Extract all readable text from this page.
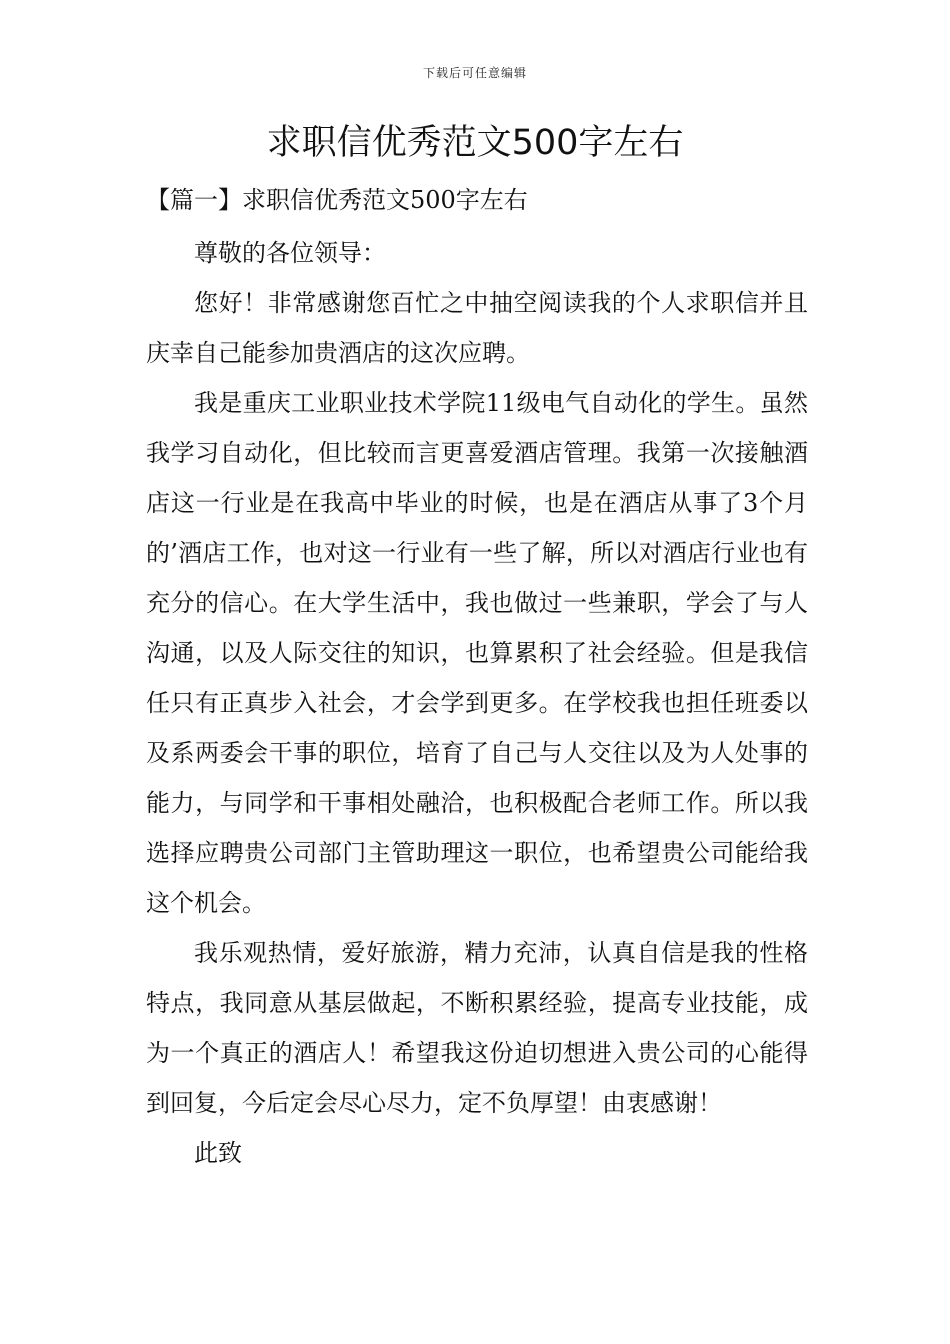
下载后可任意编辑
求职信优秀范文500字左右
【篇一】求职信优秀范文500字左右

尊敬的各位领导：

您好！非常感谢您百忙之中抽空阅读我的个人求职信并且庆幸自己能参加贵酒店的这次应聘。

我是重庆工业职业技术学院11级电气自动化的学生。虽然我学习自动化，但比较而言更喜爱酒店管理。我第一次接触酒店这一行业是在我高中毕业的时候，也是在酒店从事了3个月的’酒店工作，也对这一行业有一些了解，所以对酒店行业也有充分的信心。在大学生活中，我也做过一些兼职，学会了与人沟通，以及人际交往的知识，也算累积了社会经验。但是我信任只有正真步入社会，才会学到更多。在学校我也担任班委以及系两委会干事的职位，培育了自己与人交往以及为人处事的能力，与同学和干事相处融洽，也积极配合老师工作。所以我选择应聘贵公司部门主管助理这一职位，也希望贵公司能给我这个机会。

我乐观热情，爱好旅游，精力充沛，认真自信是我的性格特点，我同意从基层做起，不断积累经验，提高专业技能，成为一个真正的酒店人！希望我这份迫切想进入贵公司的心能得到回复，今后定会尽心尽力，定不负厚望！由衷感谢！

此致
